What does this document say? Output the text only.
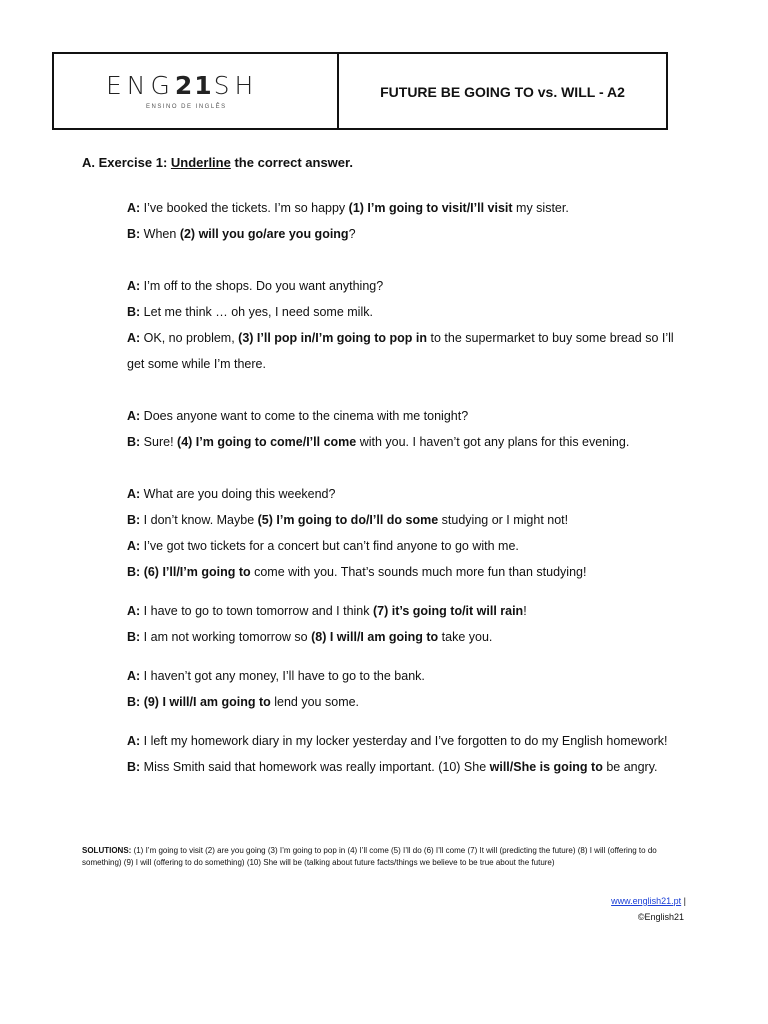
ENG21SH
ENSINO DE INGLÊS
FUTURE BE GOING TO vs. WILL - A2
A. Exercise 1: Underline the correct answer.
A: I’ve booked the tickets. I’m so happy (1) I’m going to visit/I’ll visit my sister.
B: When (2) will you go/are you going?
A: I’m off to the shops. Do you want anything?
B: Let me think … oh yes, I need some milk.
A: OK, no problem, (3) I’ll pop in/I’m going to pop in to the supermarket to buy some bread so I’ll
get some while I’m there.
A: Does anyone want to come to the cinema with me tonight?
B: Sure! (4) I’m going to come/I’ll come with you. I haven’t got any plans for this evening.
A: What are you doing this weekend?
B: I don’t know. Maybe (5) I’m going to do/I’ll do some studying or I might not!
A: I’ve got two tickets for a concert but can’t find anyone to go with me.
B: (6) I’ll/I’m going to come with you. That’s sounds much more fun than studying!
A: I have to go to town tomorrow and I think (7) it’s going to/it will rain!
B: I am not working tomorrow so (8) I will/I am going to take you.
A: I haven’t got any money, I’ll have to go to the bank.
B: (9) I will/I am going to lend you some.
A: I left my homework diary in my locker yesterday and I’ve forgotten to do my English homework!
B: Miss Smith said that homework was really important. (10) She will/She is going to be angry.
SOLUTIONS: (1) I’m going to visit (2) are you going (3) I’m going to pop in (4) I’ll come (5) I’ll do (6) I’ll come (7) It will (predicting the future) (8) I will (offering to do something) (9) I will (offering to do something) (10) She will be (talking about future facts/things we believe to be true about the future)
www.english21.pt |
©English21
